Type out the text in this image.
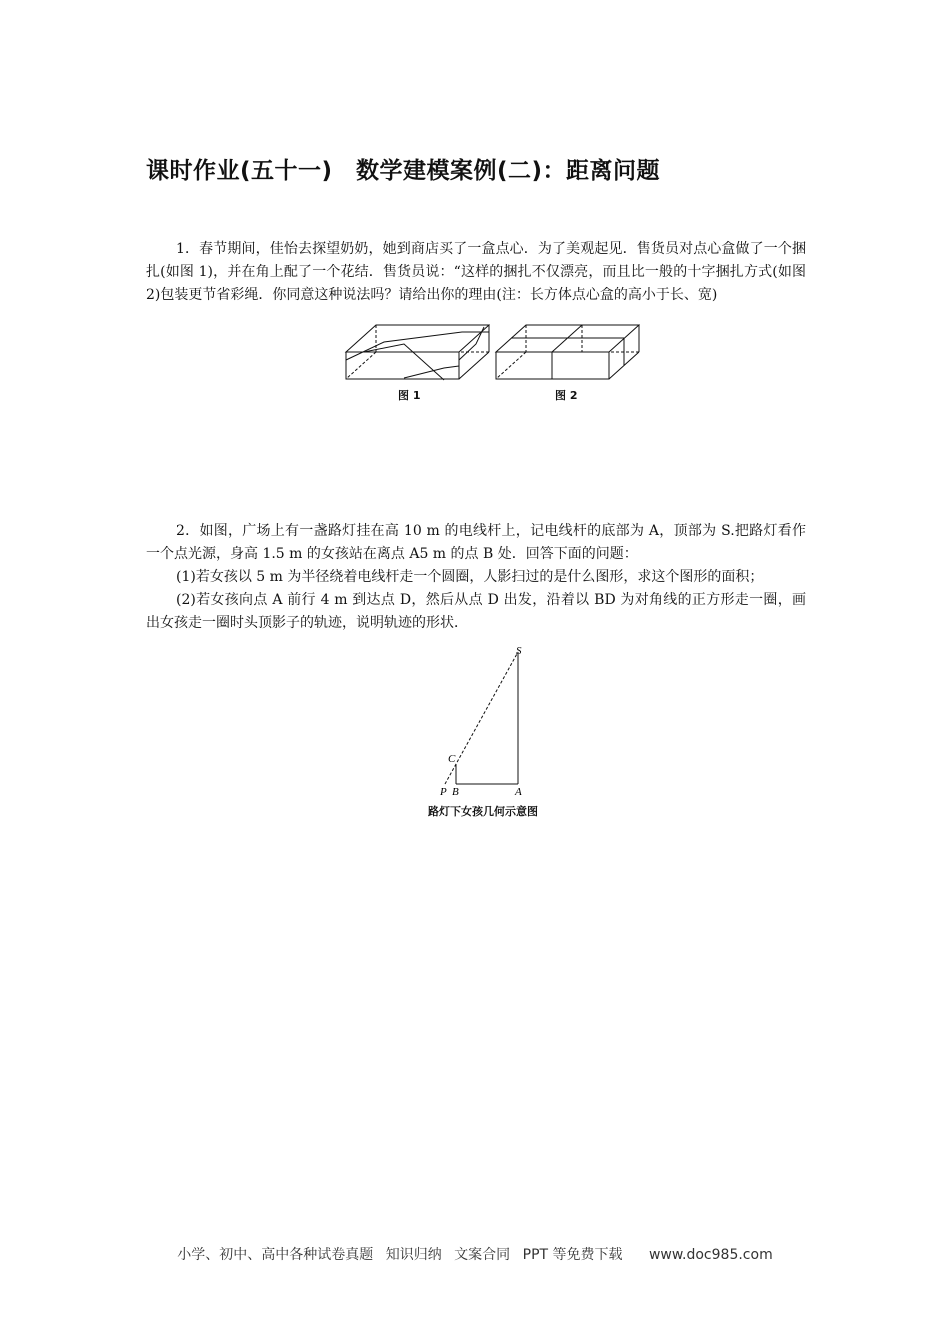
课时作业(五十一)　数学建模案例(二)：距离问题

1．春节期间，佳怡去探望奶奶，她到商店买了一盒点心．为了美观起见．售货员对点心盒做了一个捆扎(如图 1)，并在角上配了一个花结．售货员说：“这样的捆扎不仅漂亮，而且比一般的十字捆扎方式(如图 2)包装更节省彩绳．你同意这种说法吗？请给出你的理由(注：长方体点心盒的高小于长、宽)

图 1	图 2

2．如图，广场上有一盏路灯挂在高 10 m 的电线杆上，记电线杆的底部为 A，顶部为 S.把路灯看作一个点光源，身高 1.5 m 的女孩站在离点 A5 m 的点 B 处．回答下面的问题：

(1)若女孩以 5 m 为半径绕着电线杆走一个圆圈，人影扫过的是什么图形，求这个图形的面积；

(2)若女孩向点 A 前行 4 m 到达点 D，然后从点 D 出发，沿着以 BD 为对角线的正方形走一圈，画出女孩走一圈时头顶影子的轨迹，说明轨迹的形状．

S
C
P B	A
路灯下女孩几何示意图
小学、初中、高中各种试卷真题 知识归纳 文案合同 PPT 等免费下载 www.doc985.com
